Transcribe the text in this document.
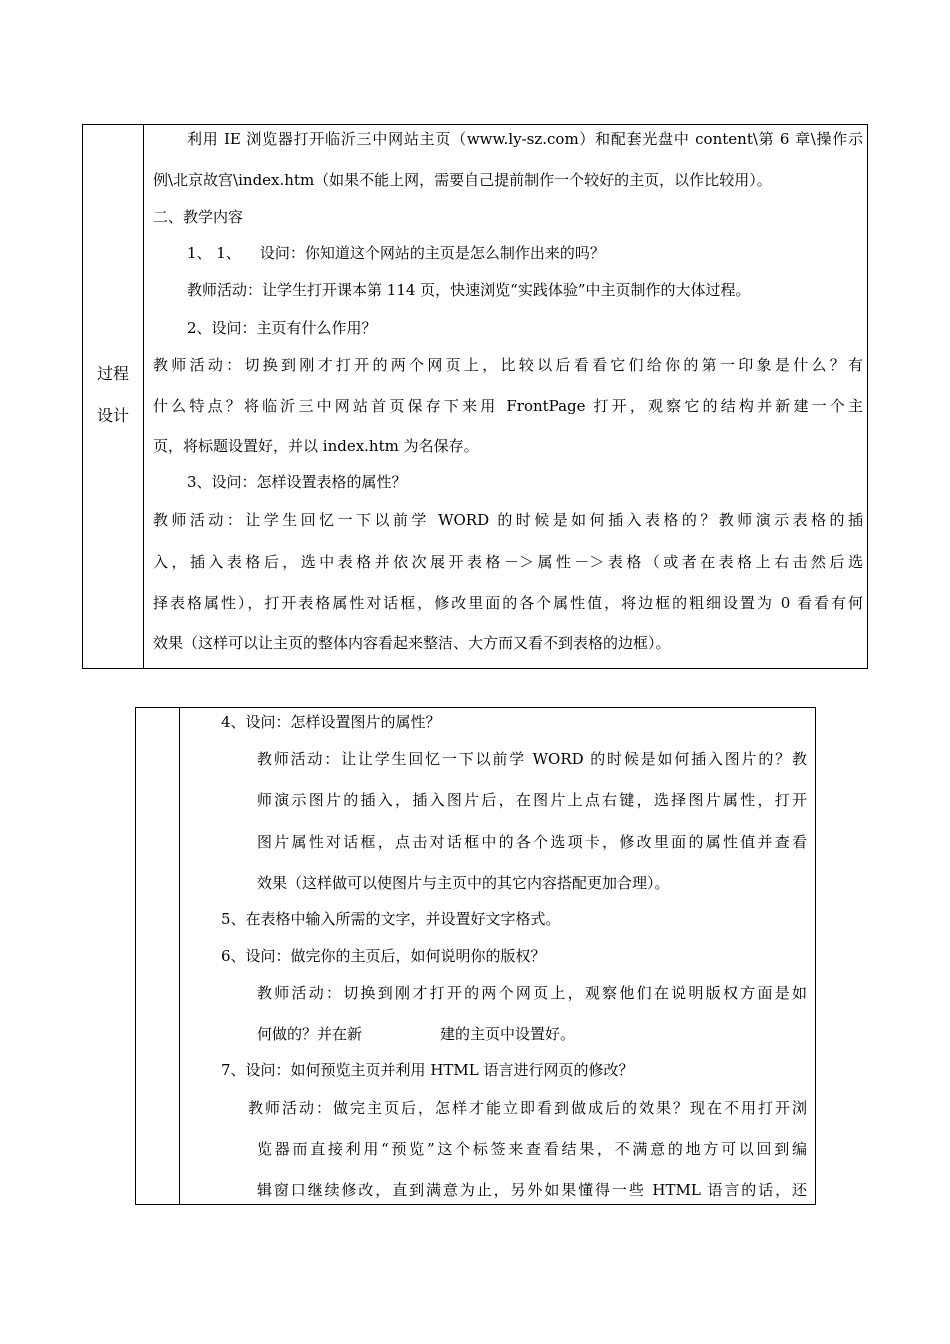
过程
设计
利用 IE 浏览器打开临沂三中网站主页（www.ly-sz.com）和配套光盘中 content\第 6 章\操作示
例\北京故宫\index.htm（如果不能上网，需要自己提前制作一个较好的主页，以作比较用）。
二、教学内容
1、 1、    设问：你知道这个网站的主页是怎么制作出来的吗？
教师活动：让学生打开课本第 114 页，快速浏览“实践体验”中主页制作的大体过程。
2、设问：主页有什么作用？
教师活动：切换到刚才打开的两个网页上，比较以后看看它们给你的第一印象是什么？有
什么特点？将临沂三中网站首页保存下来用 FrontPage 打开，观察它的结构并新建一个主
页，将标题设置好，并以 index.htm 为名保存。
3、设问：怎样设置表格的属性？
教师活动：让学生回忆一下以前学 WORD 的时候是如何插入表格的？教师演示表格的插
入，插入表格后，选中表格并依次展开表格－＞属性－＞表格（或者在表格上右击然后选
择表格属性），打开表格属性对话框，修改里面的各个属性值，将边框的粗细设置为 0 看看有何
效果（这样可以让主页的整体内容看起来整洁、大方而又看不到表格的边框）。
4、设问：怎样设置图片的属性？
教师活动：让让学生回忆一下以前学 WORD 的时候是如何插入图片的？教
师演示图片的插入，插入图片后，在图片上点右键，选择图片属性，打开
图片属性对话框，点击对话框中的各个选项卡，修改里面的属性值并查看
效果（这样做可以使图片与主页中的其它内容搭配更加合理）。
5、在表格中输入所需的文字，并设置好文字格式。
6、设问：做完你的主页后，如何说明你的版权？
教师活动：切换到刚才打开的两个网页上，观察他们在说明版权方面是如
何做的？并在新	建的主页中设置好。
7、设问：如何预览主页并利用 HTML 语言进行网页的修改？
教师活动：做完主页后，怎样才能立即看到做成后的效果？现在不用打开浏
览器而直接利用“预览”这个标签来查看结果，不满意的地方可以回到编
辑窗口继续修改，直到满意为止，另外如果懂得一些 HTML 语言的话，还
